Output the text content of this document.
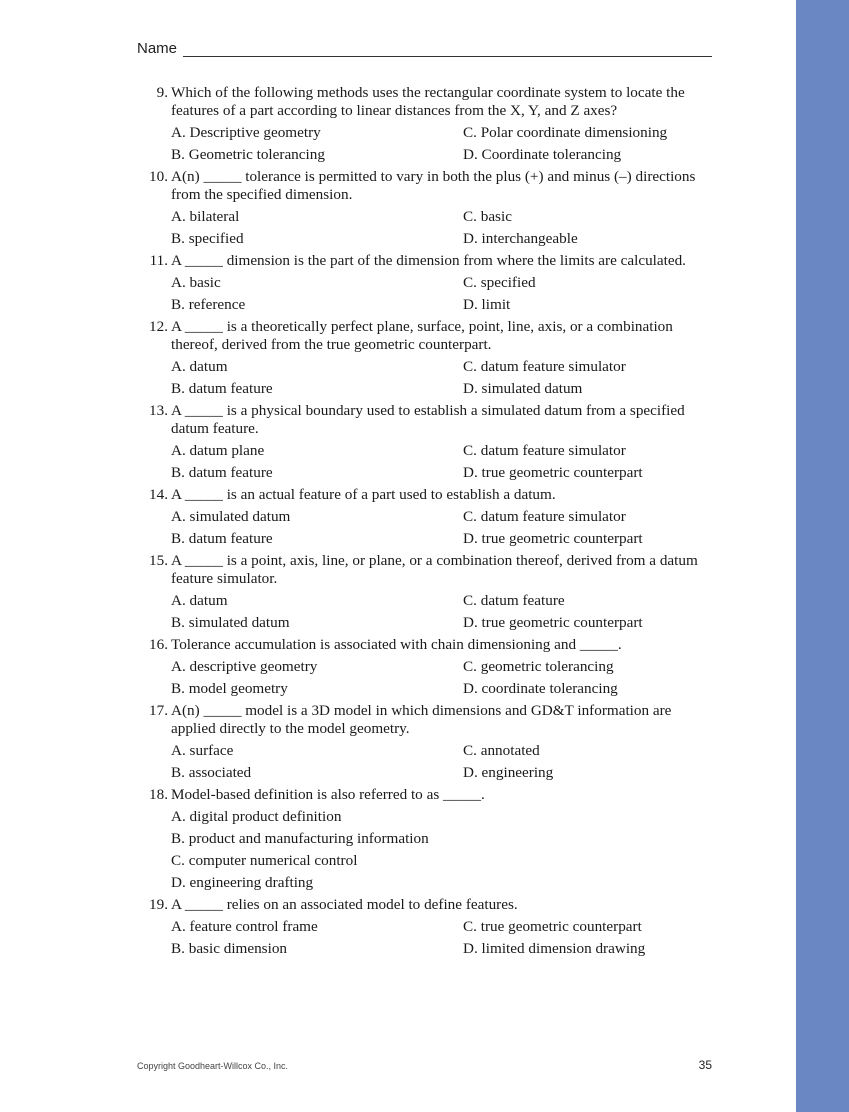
Name
9. Which of the following methods uses the rectangular coordinate system to locate the features of a part according to linear distances from the X, Y, and Z axes?
A. Descriptive geometry	C. Polar coordinate dimensioning
B. Geometric tolerancing	D. Coordinate tolerancing
10. A(n) _____ tolerance is permitted to vary in both the plus (+) and minus (–) directions from the specified dimension.
A. bilateral	C. basic
B. specified	D. interchangeable
11. A _____ dimension is the part of the dimension from where the limits are calculated.
A. basic	C. specified
B. reference	D. limit
12. A _____ is a theoretically perfect plane, surface, point, line, axis, or a combination thereof, derived from the true geometric counterpart.
A. datum	C. datum feature simulator
B. datum feature	D. simulated datum
13. A _____ is a physical boundary used to establish a simulated datum from a specified datum feature.
A. datum plane	C. datum feature simulator
B. datum feature	D. true geometric counterpart
14. A _____ is an actual feature of a part used to establish a datum.
A. simulated datum	C. datum feature simulator
B. datum feature	D. true geometric counterpart
15. A _____ is a point, axis, line, or plane, or a combination thereof, derived from a datum feature simulator.
A. datum	C. datum feature
B. simulated datum	D. true geometric counterpart
16. Tolerance accumulation is associated with chain dimensioning and _____.
A. descriptive geometry	C. geometric tolerancing
B. model geometry	D. coordinate tolerancing
17. A(n) _____ model is a 3D model in which dimensions and GD&T information are applied directly to the model geometry.
A. surface	C. annotated
B. associated	D. engineering
18. Model-based definition is also referred to as _____.
A. digital product definition
B. product and manufacturing information
C. computer numerical control
D. engineering drafting
19. A _____ relies on an associated model to define features.
A. feature control frame	C. true geometric counterpart
B. basic dimension	D. limited dimension drawing
Copyright Goodheart-Willcox Co., Inc.	35
